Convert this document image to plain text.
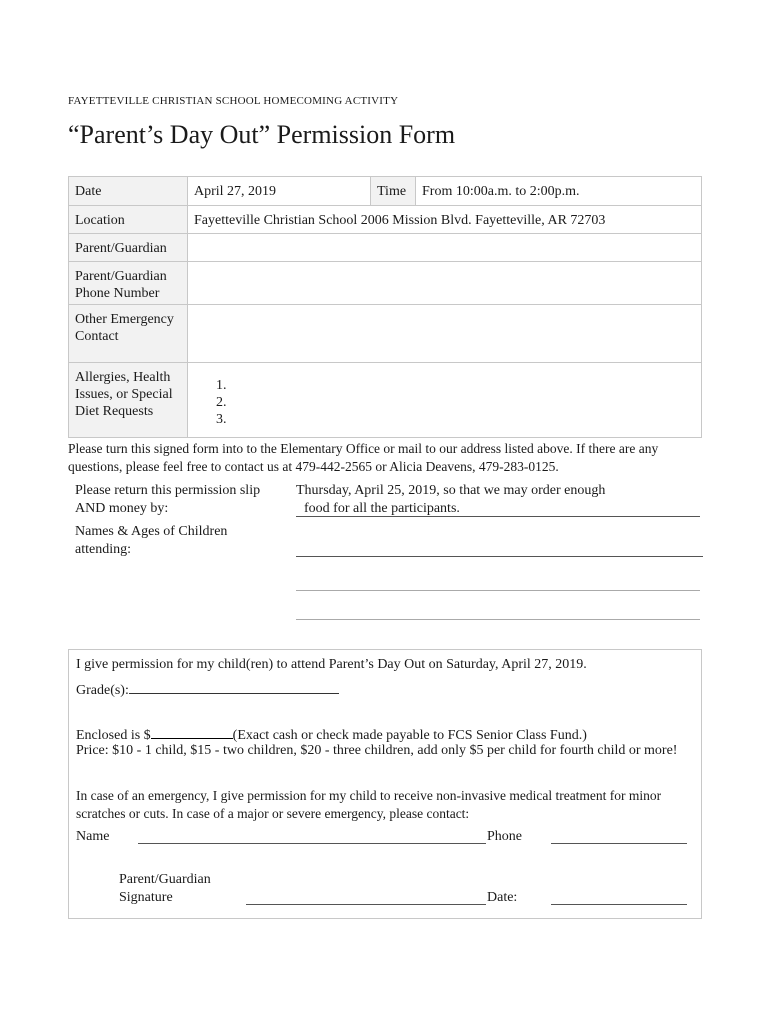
FAYETTEVILLE CHRISTIAN SCHOOL HOMECOMING ACTIVITY
“Parent’s Day Out” Permission Form
Date	April 27, 2019	Time	From 10:00a.m. to 2:00p.m.
Location	Fayetteville Christian School 2006 Mission Blvd. Fayetteville, AR 72703		
Parent/Guardian			
Parent/Guardian Phone Number			
Other Emergency Contact			
Allergies, Health Issues, or Special Diet Requests	1.
2.
3.		
Please turn this signed form into to the Elementary Office or mail to our address listed above. If there are any questions, please feel free to contact us at 479-442-2565 or Alicia Deavens, 479-283-0125.
Please return this permission slip AND money by:
Thursday, April 25, 2019, so that we may order enough
food for all the participants.
Names & Ages of Children attending:
I give permission for my child(ren) to attend Parent’s Day Out on Saturday, April 27, 2019.
Grade(s):
Enclosed is $	(Exact cash or check made payable to FCS Senior Class Fund.)
Price: $10 - 1 child, $15 - two children, $20 - three children, add only $5 per child for fourth child or more!
In case of an emergency, I give permission for my child to receive non-invasive medical treatment for minor scratches or cuts. In case of a major or severe emergency, please contact:
Name	Phone
Parent/Guardian Signature	Date:
